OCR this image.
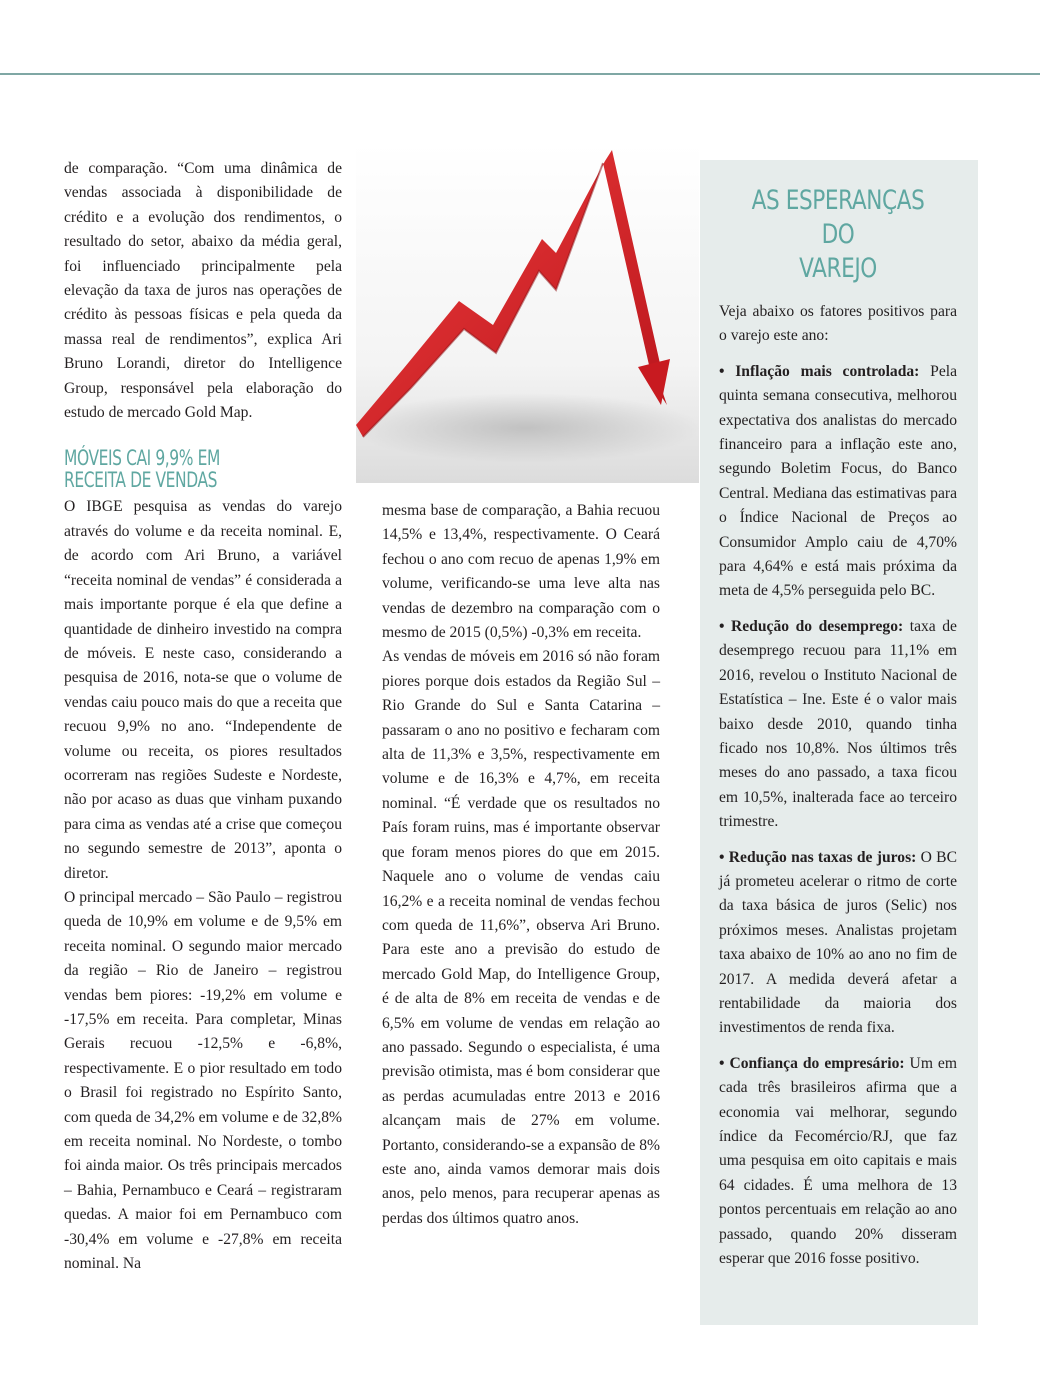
de comparação. “Com uma dinâmica de vendas associada à disponibilidade de crédito e a evolução dos rendimentos, o resultado do setor, abaixo da média geral, foi influenciado principalmente pela elevação da taxa de juros nas operações de crédito às pessoas físicas e pela queda da massa real de rendimentos”, explica Ari Bruno Lorandi, diretor do Intelligence Group, responsável pela elaboração do estudo de mercado Gold Map.

MÓVEIS CAI 9,9% EM
RECEITA DE VENDAS

O IBGE pesquisa as vendas do varejo através do volume e da receita nominal. E, de acordo com Ari Bruno, a variável “receita nominal de vendas” é considerada a mais importante porque é ela que define a quantidade de dinheiro investido na compra de móveis. E neste caso, considerando a pesquisa de 2016, nota-se que o volume de vendas caiu pouco mais do que a receita que recuou 9,9% no ano. “Independente de volume ou receita, os piores resultados ocorreram nas regiões Sudeste e Nordeste, não por acaso as duas que vinham puxando para cima as vendas até a crise que começou no segundo semestre de 2013”, aponta o diretor.

O principal mercado – São Paulo – registrou queda de 10,9% em volume e de 9,5% em receita nominal. O segundo maior mercado da região – Rio de Janeiro – registrou vendas bem piores: -19,2% em volume e -17,5% em receita. Para completar, Minas Gerais recuou -12,5% e -6,8%, respectivamente. E o pior resultado em todo o Brasil foi registrado no Espírito Santo, com queda de 34,2% em volume e de 32,8% em receita nominal. No Nordeste, o tombo foi ainda maior. Os três principais mercados – Bahia, Pernambuco e Ceará – registraram quedas. A maior foi em Pernambuco com -30,4% em volume e -27,8% em receita nominal. Na

mesma base de comparação, a Bahia recuou 14,5% e 13,4%, respectivamente. O Ceará fechou o ano com recuo de apenas 1,9% em volume, verificando-se uma leve alta nas vendas de dezembro na comparação com o mesmo de 2015 (0,5%) -0,3% em receita.

As vendas de móveis em 2016 só não foram piores porque dois estados da Região Sul – Rio Grande do Sul e Santa Catarina – passaram o ano no positivo e fecharam com alta de 11,3% e 3,5%, respectivamente em volume e de 16,3% e 4,7%, em receita nominal. “É verdade que os resultados no País foram ruins, mas é importante observar que foram menos piores do que em 2015. Naquele ano o volume de vendas caiu 16,2% e a receita nominal de vendas fechou com queda de 11,6%”, observa Ari Bruno. Para este ano a previsão do estudo de mercado Gold Map, do Intelligence Group, é de alta de 8% em receita de vendas e de 6,5% em volume de vendas em relação ao ano passado. Segundo o especialista, é uma previsão otimista, mas é bom considerar que as perdas acumuladas entre 2013 e 2016 alcançam mais de 27% em volume. Portanto, considerando-se a expansão de 8% este ano, ainda vamos demorar mais dois anos, pelo menos, para recuperar apenas as perdas dos últimos quatro anos.

AS ESPERANÇAS DO
VAREJO

Veja abaixo os fatores positivos para o varejo este ano:

• Inflação mais controlada: Pela quinta semana consecutiva, melhorou expectativa dos analistas do mercado financeiro para a inflação este ano, segundo Boletim Focus, do Banco Central. Mediana das estimativas para o Índice Nacional de Preços ao Consumidor Amplo caiu de 4,70% para 4,64% e está mais próxima da meta de 4,5% perseguida pelo BC.

• Redução do desemprego: taxa de desemprego recuou para 11,1% em 2016, revelou o Instituto Nacional de Estatística – Ine. Este é o valor mais baixo desde 2010, quando tinha ficado nos 10,8%. Nos últimos três meses do ano passado, a taxa ficou em 10,5%, inalterada face ao terceiro trimestre.

• Redução nas taxas de juros: O BC já prometeu acelerar o ritmo de corte da taxa básica de juros (Selic) nos próximos meses. Analistas projetam taxa abaixo de 10% ao ano no fim de 2017. A medida deverá afetar a rentabilidade da maioria dos investimentos de renda fixa.

• Confiança do empresário: Um em cada três brasileiros afirma que a economia vai melhorar, segundo índice da Fecomércio/RJ, que faz uma pesquisa em oito capitais e mais 64 cidades. É uma melhora de 13 pontos percentuais em relação ao ano passado, quando 20% disseram esperar que 2016 fosse positivo.
